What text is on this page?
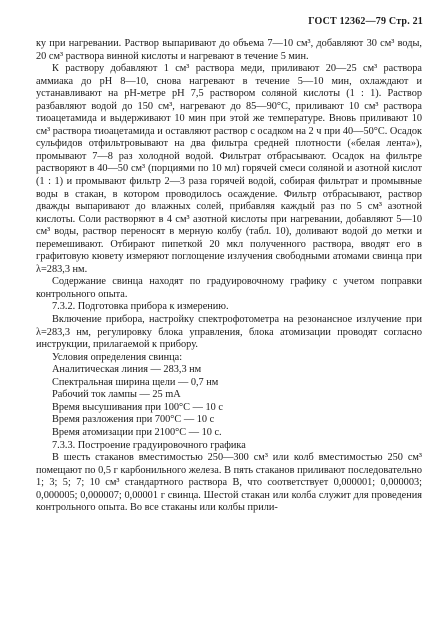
ГОСТ 12362—79 Стр. 21

ку при нагревании. Раствор выпаривают до объема 7—10 см³, добавляют 30 см³ воды, 20 см³ раствора винной кислоты и нагревают в течение 5 мин.

К раствору добавляют 1 см³ раствора меди, приливают 20—25 см³ раствора аммиака до рН 8—10, снова нагревают в течение 5—10 мин, охлаждают и устанавливают на рН-метре рН 7,5 раствором соляной кислоты (1 : 1). Раствор разбавляют водой до 150 см³, нагревают до 85—90°С, приливают 10 см³ раствора тиоацетамида и выдерживают 10 мин при этой же температуре. Вновь приливают 10 см³ раствора тиоацетамида и оставляют раствор с осадком на 2 ч при 40—50°С. Осадок сульфидов отфильтровывают на два фильтра средней плотности («белая лента»), промывают 7—8 раз холодной водой. Фильтрат отбрасывают. Осадок на фильтре растворяют в 40—50 см³ (порциями по 10 мл) горячей смеси соляной и азотной кислот (1 : 1) и промывают фильтр 2—3 раза горячей водой, собирая фильтрат и промывные воды в стакан, в котором проводилось осаждение. Фильтр отбрасывают, раствор дважды выпаривают до влажных солей, прибавляя каждый раз по 5 см³ азотной кислоты. Соли растворяют в 4 см³ азотной кислоты при нагревании, добавляют 5—10 см³ воды, раствор переносят в мерную колбу (табл. 10), доливают водой до метки и перемешивают. Отбирают пипеткой 20 мкл полученного раствора, вводят его в графитовую кювету измеряют поглощение излучения свободными атомами свинца при λ=283,3 нм.

Содержание свинца находят по градуировочному графику с учетом поправки контрольного опыта.

7.3.2. Подготовка прибора к измерению.

Включение прибора, настройку спектрофотометра на резонансное излучение при λ=283,3 нм, регулировку блока управления, блока атомизации проводят согласно инструкции, прилагаемой к прибору.

Условия определения свинца:

Аналитическая линия — 283,3 нм

Спектральная ширина щели — 0,7 нм

Рабочий ток лампы — 25 mA

Время высушивания при 100°С — 10 с

Время разложения при 700°С — 10 с

Время атомизации при 2100°С — 10 с.

7.3.3. Построение градуировочного графика

В шесть стаканов вместимостью 250—300 см³ или колб вместимостью 250 см³ помещают по 0,5 г карбонильного железа. В пять стаканов приливают последовательно 1; 3; 5; 7; 10 см³ стандартного раствора В, что соответствует 0,000001; 0,000003; 0,000005; 0,000007; 0,00001 г свинца. Шестой стакан или колба служит для проведения контрольного опыта. Во все стаканы или колбы прили-
